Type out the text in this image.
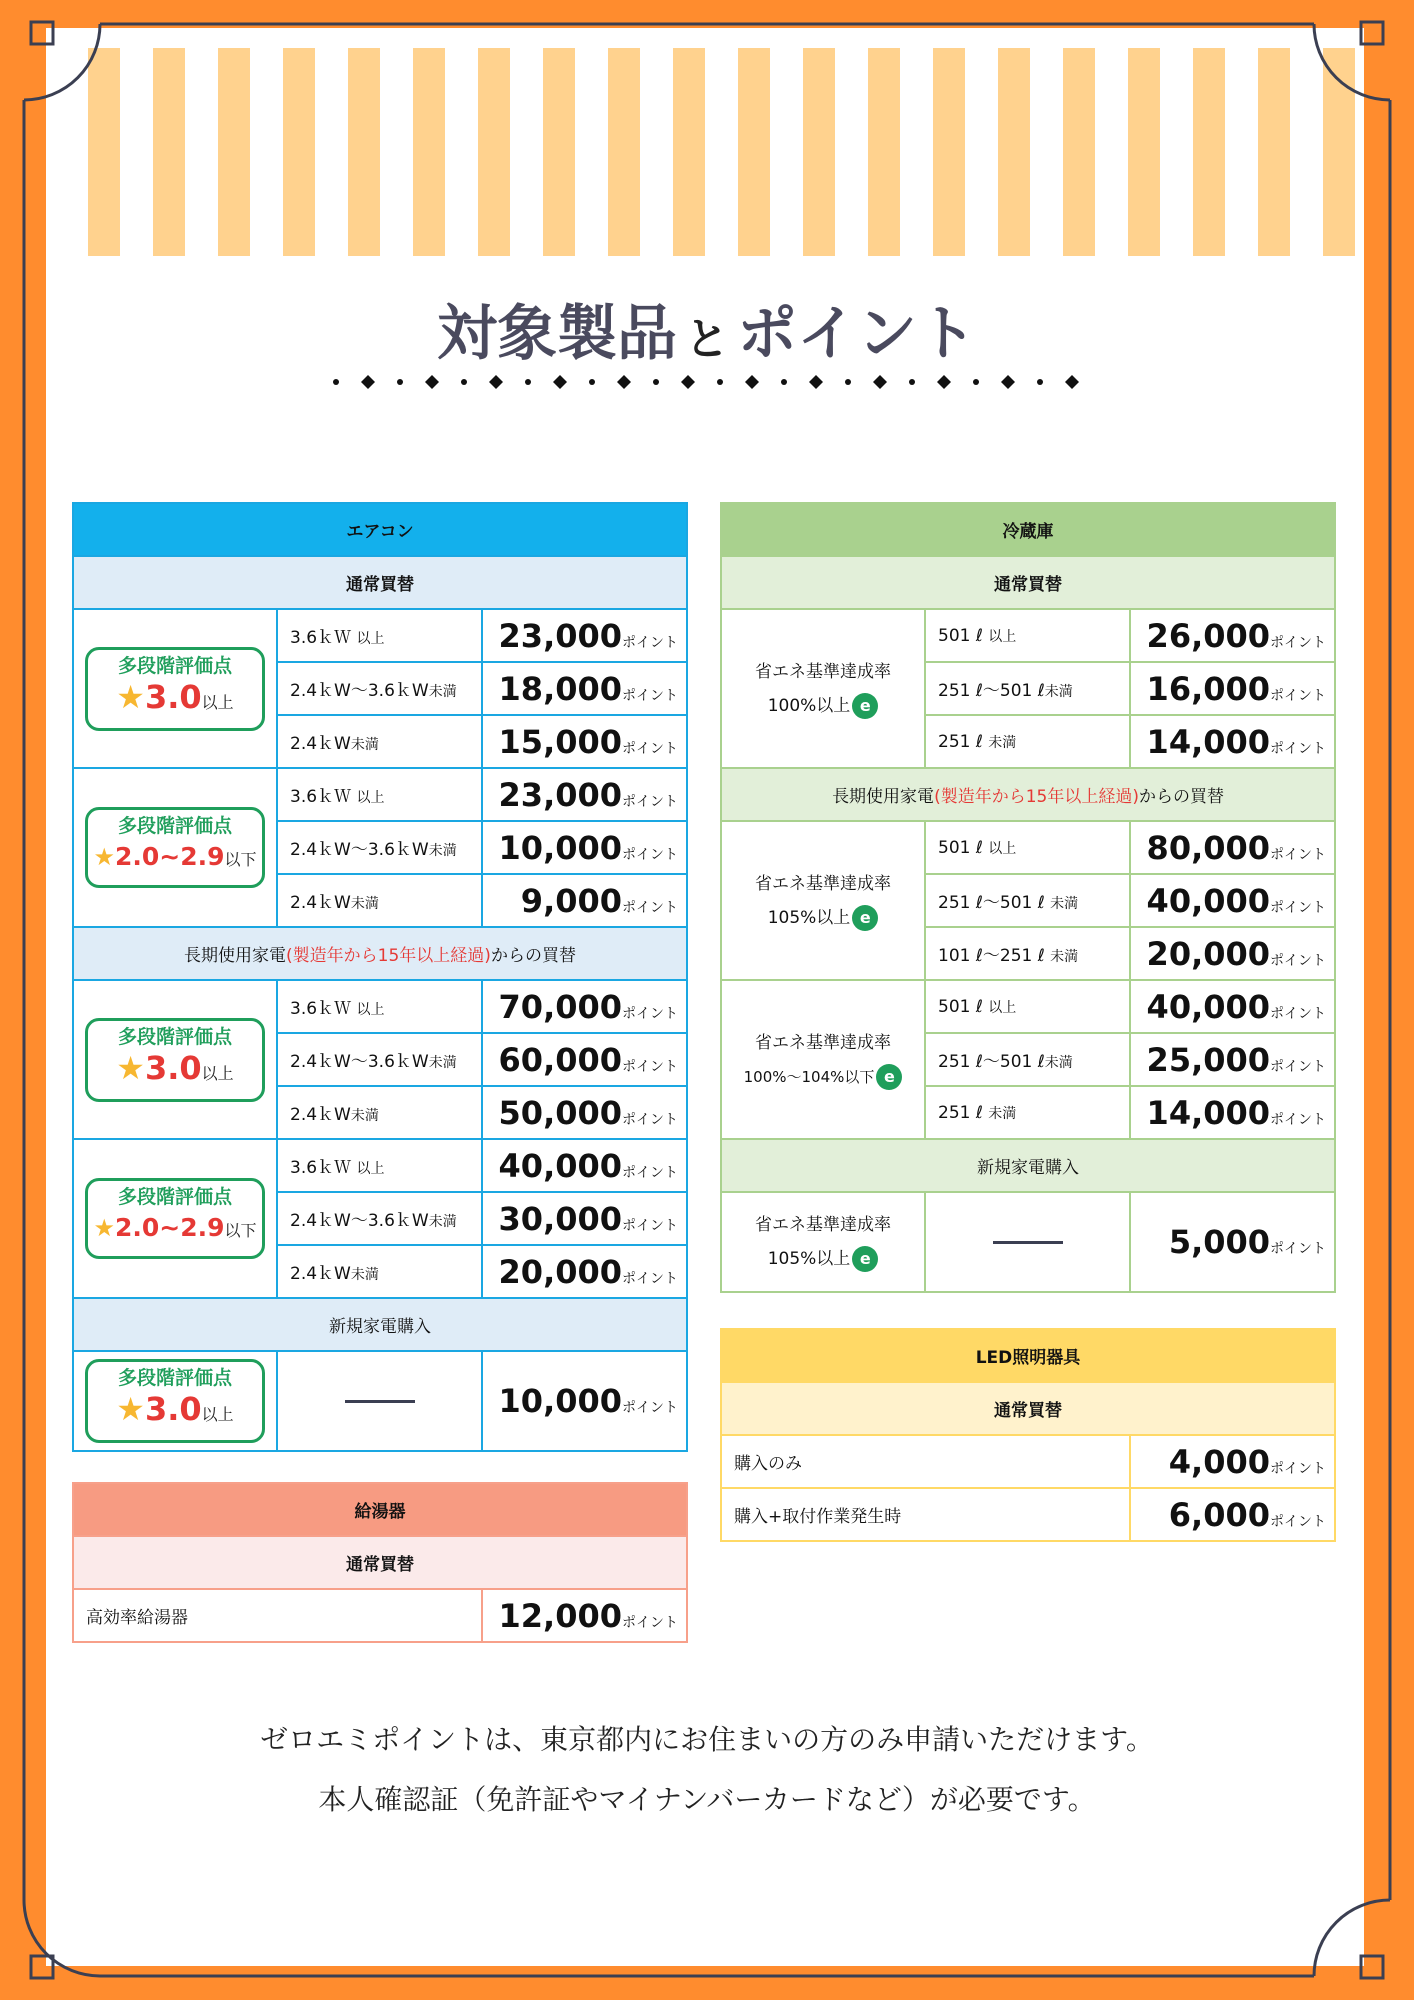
対象製品 と ポイント
エアコン		
通常買替		

多段階評価点
★3.0以上	3.6ｋＷ 以上	23,000ポイント
	2.4ｋW〜3.6ｋW未満	18,000ポイント
	2.4ｋW未満	15,000ポイント

多段階評価点
★2.0~2.9以下	3.6ｋＷ 以上	23,000ポイント
	2.4ｋW〜3.6ｋW未満	10,000ポイント
	2.4ｋW未満	9,000ポイント
長期使用家電(製造年から15年以上経過)からの買替		

多段階評価点
★3.0以上	3.6ｋＷ 以上	70,000ポイント
	2.4ｋW〜3.6ｋW未満	60,000ポイント
	2.4ｋW未満	50,000ポイント

多段階評価点
★2.0~2.9以下	3.6ｋＷ 以上	40,000ポイント
	2.4ｋW〜3.6ｋW未満	30,000ポイント
	2.4ｋW未満	20,000ポイント
新規家電購入		

多段階評価点
★3.0以上		10,000ポイント
冷蔵庫		
通常買替		

省エネ基準達成率
100%以上 e	501 ℓ 以上	26,000ポイント
	251 ℓ〜501 ℓ未満	16,000ポイント
	251 ℓ 未満	14,000ポイント
長期使用家電(製造年から15年以上経過)からの買替		

省エネ基準達成率
105%以上 e	501 ℓ 以上	80,000ポイント
	251 ℓ〜501 ℓ 未満	40,000ポイント
	101 ℓ〜251 ℓ 未満	20,000ポイント

省エネ基準達成率
100%〜104%以下 e	501 ℓ 以上	40,000ポイント
	251 ℓ〜501 ℓ未満	25,000ポイント
	251 ℓ 未満	14,000ポイント
新規家電購入		

省エネ基準達成率
105%以上 e		5,000ポイント
LED照明器具	
通常買替	
購入のみ	4,000ポイント
購入+取付作業発生時	6,000ポイント
給湯器
通常買替
高効率給湯器	12,000ポイント
ゼロエミポイントは、東京都内にお住まいの方のみ申請いただけます。
本人確認証（免許証やマイナンバーカードなど）が必要です。
